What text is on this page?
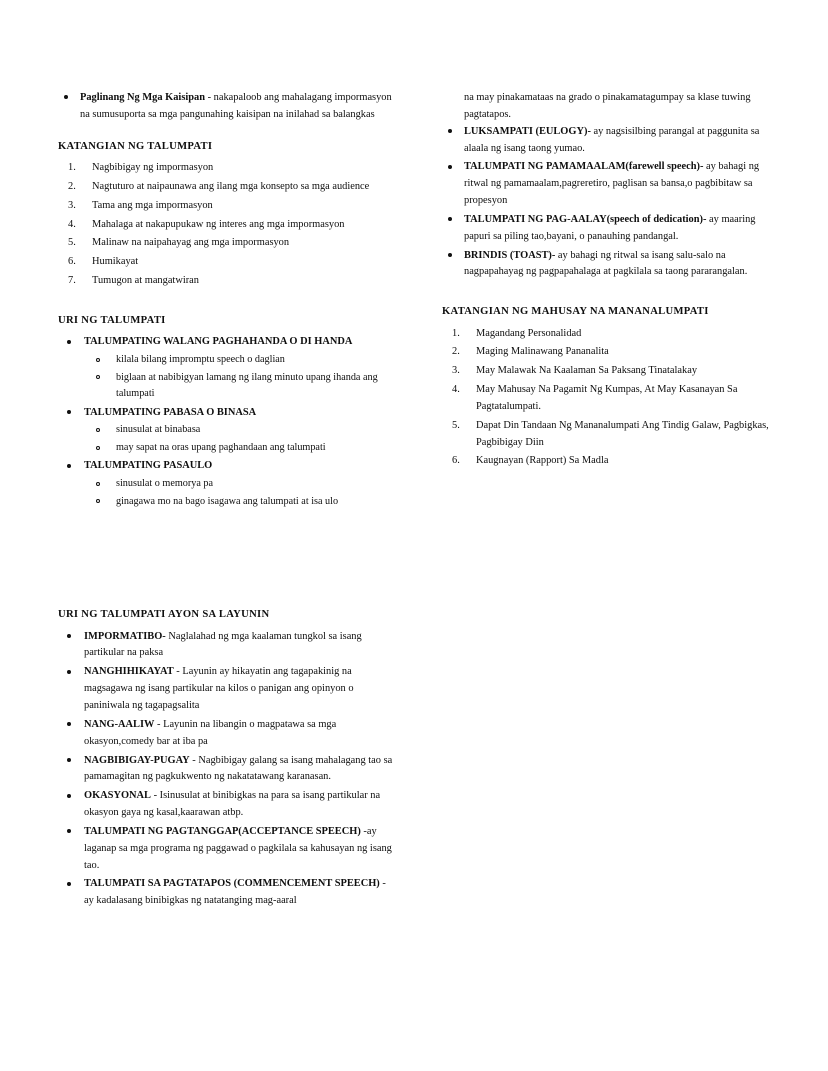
Paglinang Ng Mga Kaisipan - nakapaloob ang mahalagang impormasyon na sumusuporta sa mga pangunahing kaisipan na inilahad sa balangkas
KATANGIAN NG TALUMPATI
Nagbibigay ng impormasyon
Nagtuturo at naipaunawa ang ilang mga konsepto sa mga audience
Tama ang mga impormasyon
Mahalaga at nakapupukaw ng interes ang mga impormasyon
Malinaw na naipahayag ang mga impormasyon
Humikayat
Tumugon at mangatwiran
URI NG TALUMPATI
TALUMPATING WALANG PAGHAHANDA O DI HANDA
kilala bilang impromptu speech o daglian
biglaan at nabibigyan lamang ng ilang minuto upang ihanda ang talumpati
TALUMPATING PABASA O BINASA
sinusulat at binabasa
may sapat na oras upang paghandaan ang talumpati
TALUMPATING PASAULO
sinusulat o memorya pa
ginagawa mo na bago isagawa ang talumpati at isa ulo
URI NG TALUMPATI AYON SA LAYUNIN
IMPORMATIBO- Naglalahad ng mga kaalaman tungkol sa isang partikular na paksa
NANGHIHIKAYAT - Layunin ay hikayatin ang tagapakinig na magsagawa ng isang partikular na kilos o panigan ang opinyon o paniniwala ng tagapagsalita
NANG-AALIW - Layunin na libangin o magpatawa sa mga okasyon,comedy bar at iba pa
NAGBIBIGAY-PUGAY - Nagbibigay galang sa isang mahalagang tao sa pamamagitan ng pagkukwento ng nakatatawang karanasan.
OKASYONAL - Isinusulat at binibigkas na para sa isang partikular na okasyon gaya ng kasal,kaarawan atbp.
TALUMPATI NG PAGTANGGAP(ACCEPTANCE SPEECH) -ay laganap sa mga programa ng paggawad o pagkilala sa kahusayan ng isang tao.
TALUMPATI SA PAGTATAPOS (COMMENCEMENT SPEECH) - ay kadalasang binibigkas ng natatanging mag-aaral
na may pinakamataas na grado o pinakamatagumpay sa klase tuwing pagtatapos.
LUKSAMPATI (EULOGY)- ay nagsisilbing parangal at paggunita sa alaala ng isang taong yumao.
TALUMPATI NG PAMAMAALAM(farewell speech)- ay bahagi ng ritwal ng pamamaalam,pagreretiro, paglisan sa bansa,o pagbibitaw sa propesyon
TALUMPATI NG PAG-AALAY(speech of dedication)- ay maaring papuri sa piling tao,bayani, o panauhing pandangal.
BRINDIS (TOAST)- ay bahagi ng ritwal sa isang salu-salo na nagpapahayag ng pagpapahalaga at pagkilala sa taong pararangalan.
KATANGIAN NG MAHUSAY NA MANANALUMPATI
Magandang Personalidad
Maging Malinawang Pananalita
May Malawak Na Kaalaman Sa Paksang Tinatalakay
May Mahusay Na Pagamit Ng Kumpas, At May Kasanayan Sa Pagtatalumpati.
Dapat Din Tandaan Ng Mananalumpati Ang Tindig Galaw, Pagbigkas, Pagbibigay Diin
Kaugnayan (Rapport) Sa Madla
